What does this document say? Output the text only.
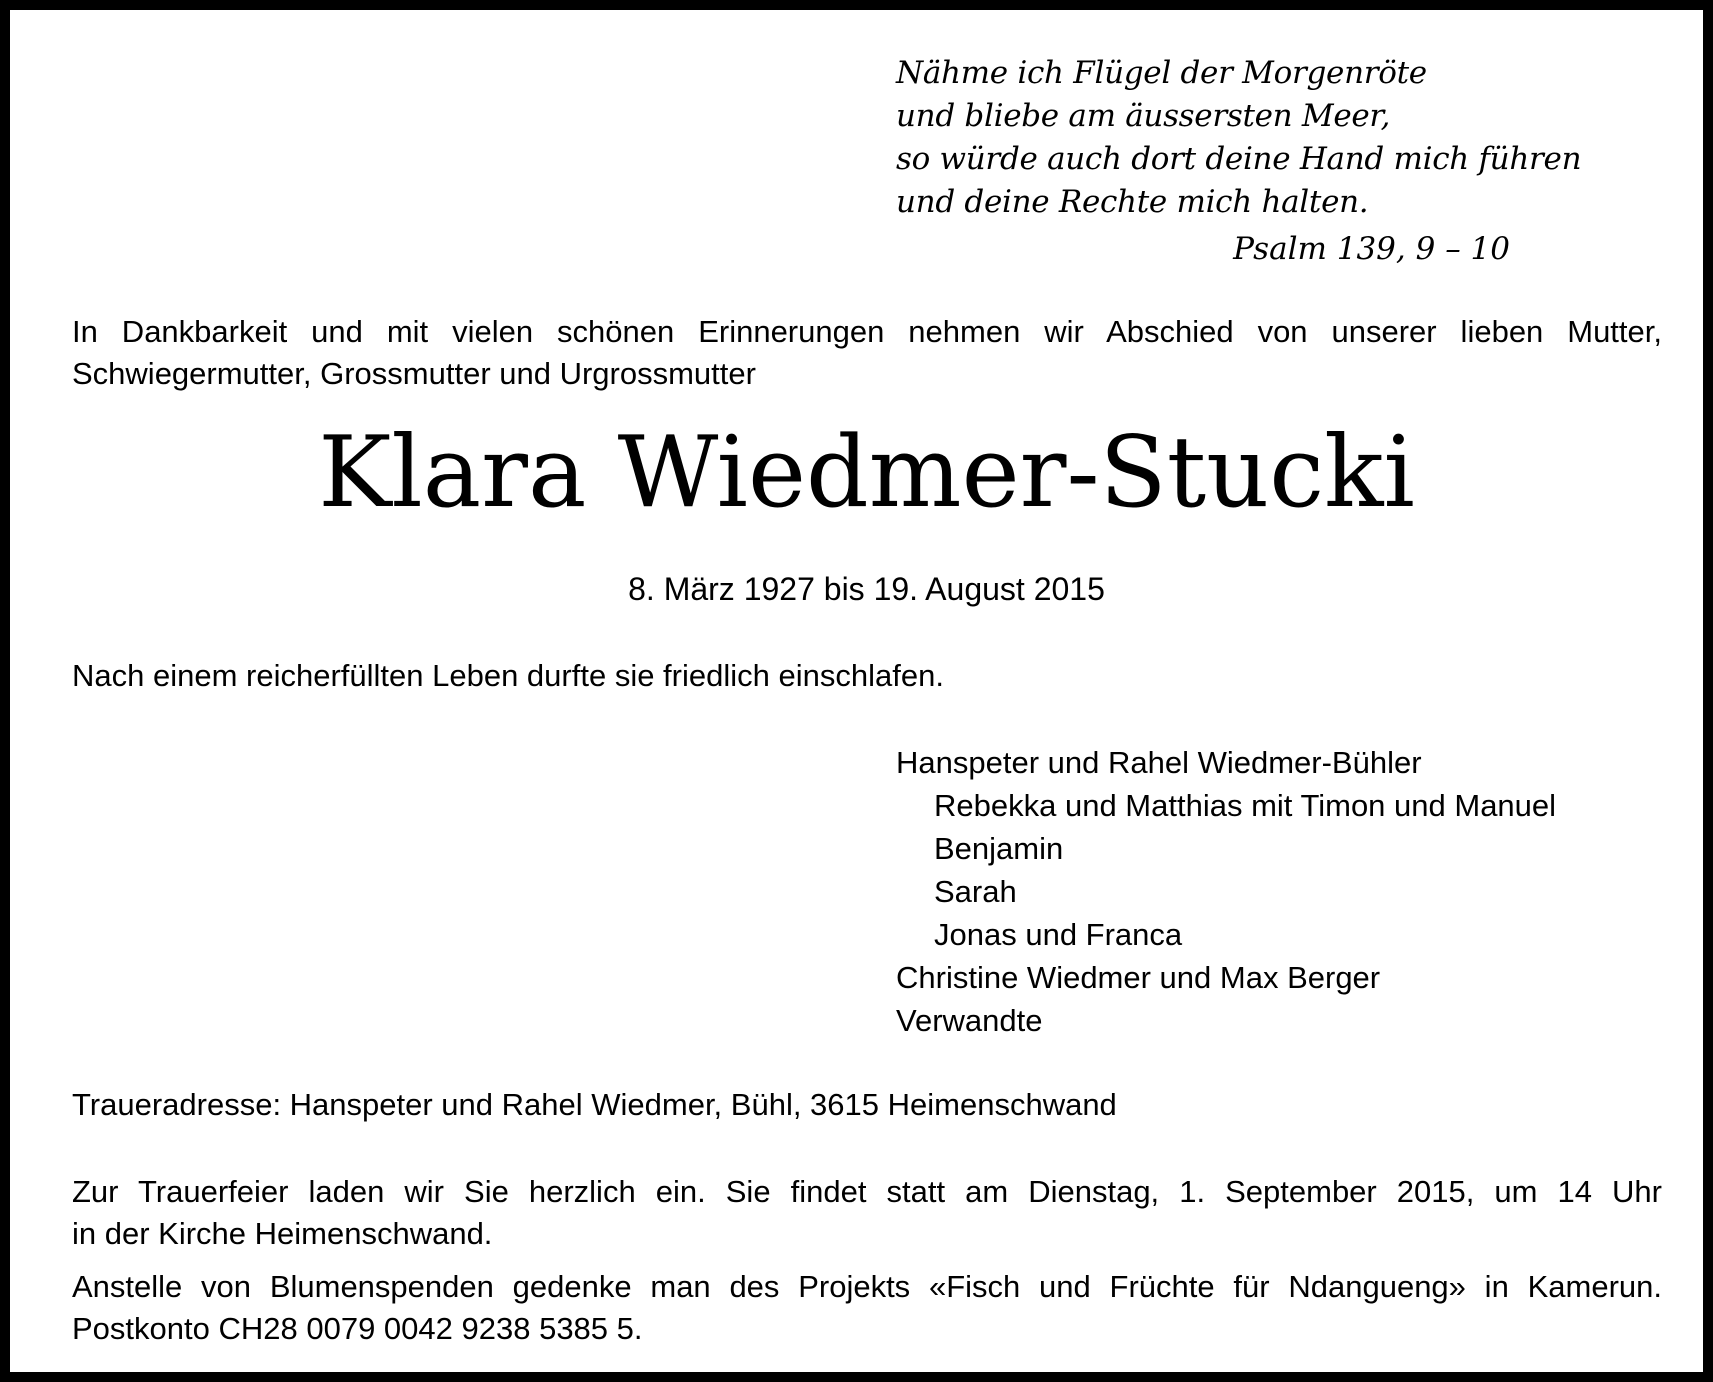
Nähme ich Flügel der Morgenröte
und bliebe am äussersten Meer,
so würde auch dort deine Hand mich führen
und deine Rechte mich halten.
Psalm 139, 9 – 10
In Dankbarkeit und mit vielen schönen Erinnerungen nehmen wir Abschied von unserer lieben Mutter,
Schwiegermutter, Grossmutter und Urgrossmutter
Klara Wiedmer-Stucki
8. März 1927 bis 19. August 2015
Nach einem reicherfüllten Leben durfte sie friedlich einschlafen.
Hanspeter und Rahel Wiedmer-Bühler
Rebekka und Matthias mit Timon und Manuel
Benjamin
Sarah
Jonas und Franca
Christine Wiedmer und Max Berger
Verwandte
Traueradresse: Hanspeter und Rahel Wiedmer, Bühl, 3615 Heimenschwand
Zur Trauerfeier laden wir Sie herzlich ein. Sie findet statt am Dienstag, 1. September 2015, um 14 Uhr
in der Kirche Heimenschwand.
Anstelle von Blumenspenden gedenke man des Projekts «Fisch und Früchte für Ndangueng» in Kamerun.
Postkonto CH28 0079 0042 9238 5385 5.
